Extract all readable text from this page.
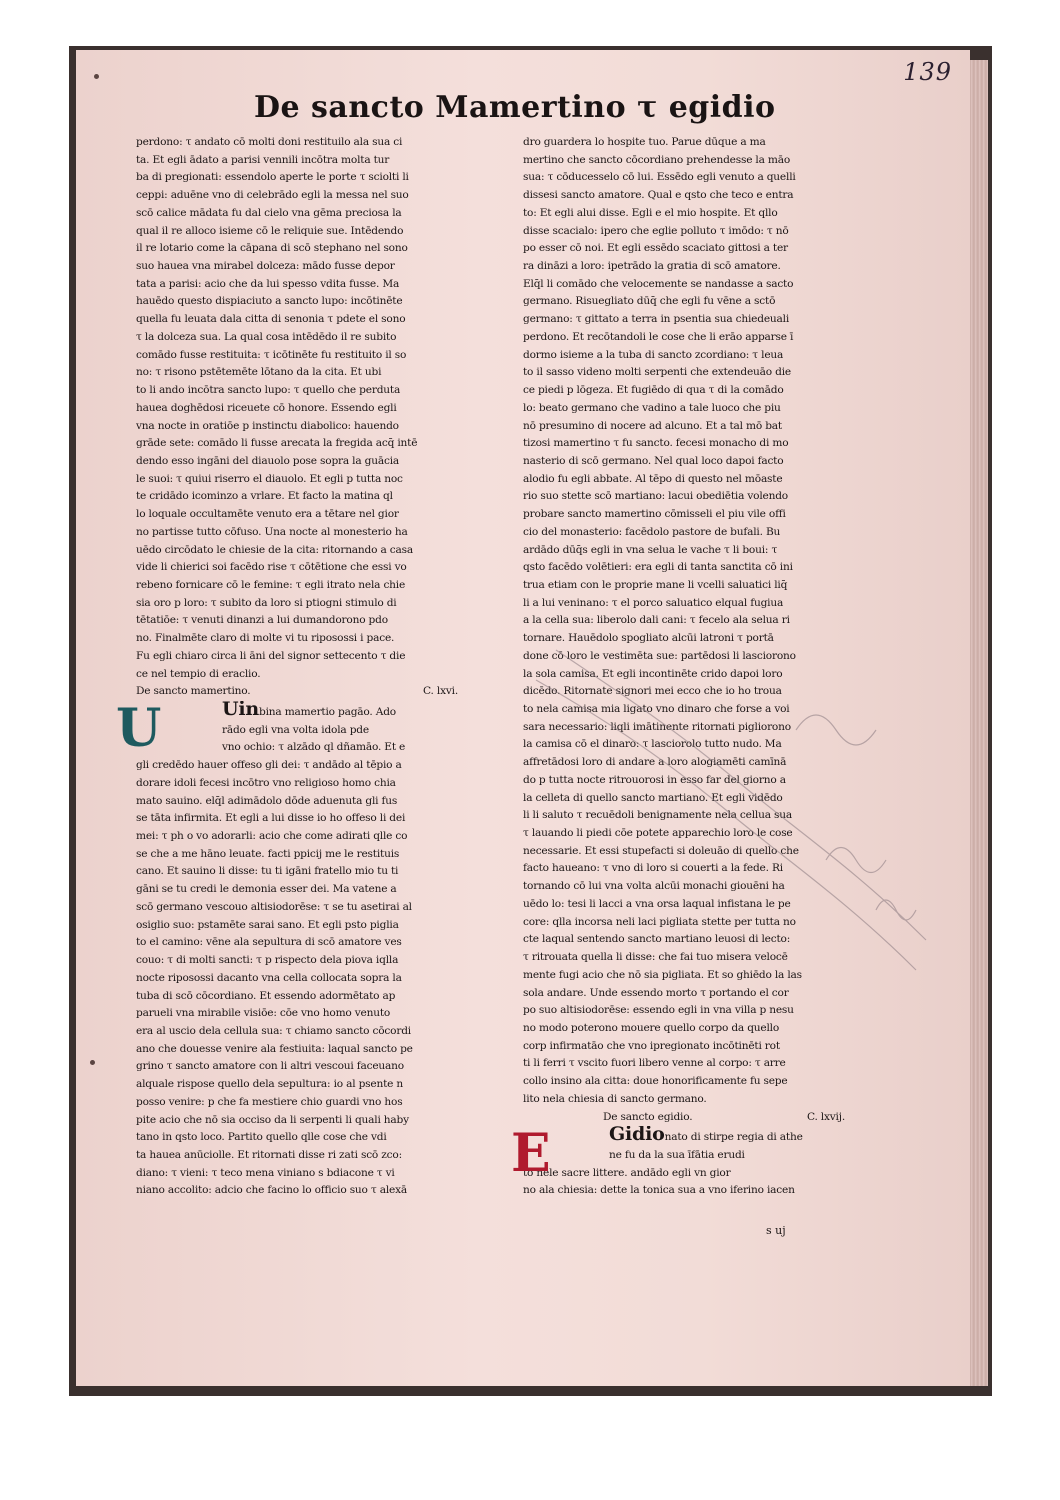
139
De sancto Mamertino τ egidio
perdono: τ andato cō molti doni restituilo ala sua ci
ta. Et egli ādato a parisi vennili incōtra molta tur
ba di pregionati: essendolo aperte le porte τ sciolti li
ceppi: aduēne vno di celebrādo egli la messa nel suo
scō calice mādata fu dal cielo vna gēma preciosa la
qual il re alloco isieme cō le reliquie sue. Intēdendo
il re lotario come la cāpana di scō stephano nel sono
suo hauea vna mirabel dolceza: mādo fusse depor
tata a parisi: acio che da lui spesso vdita fusse. Ma
hauēdo questo dispiaciuto a sancto lupo: incōtinēte
quella fu leuata dala citta di senonia τ pdete el sono
τ la dolceza sua. La qual cosa intēdēdo il re subito
comādo fusse restituita: τ icōtinēte fu restituito il so
no: τ risono pstētemēte lōtano da la cita. Et ubi
to li ando incōtra sancto lupo: τ quello che perduta
hauea doghēdosi riceuete cō honore. Essendo egli
vna nocte in oratiōe p instinctu diabolico: hauendo
grāde sete: comādo li fusse arecata la fregida acq̄ intē
dendo esso ingāni del diauolo pose sopra la guācia
le suoi: τ quiui riserro el diauolo. Et egli p tutta noc
te cridādo icominzo a vrlare. Et facto la matina ql
lo loquale occultamēte venuto era a tētare nel gior
no partisse tutto cōfuso. Una nocte al monesterio ha
uēdo circōdato le chiesie de la cita: ritornando a casa
vide li chierici soi facēdo rise τ cōtētione che essi vo
rebeno fornicare cō le femine: τ egli itrato nela chie
sia oro p loro: τ subito da loro si ptiogni stimulo di
tētatiōe: τ venuti dinanzi a lui dumandorono pdo
no. Finalmēte claro di molte vi tu riposossi i pace.
Fu egli chiaro circa li āni del signor settecento τ die
ce nel tempio di eraclio.
De sancto mamertino.	C. lxvi.
U	Uinbina mamertio pagāo. Ado
rādo egli vna volta idola pde
vno ochio: τ alzādo ql dñamāo. Et e
gli credēdo hauer offeso gli dei: τ andādo al tēpio a
dorare idoli fecesi incōtro vno religioso homo chia
mato sauino. elq̄l adimādolo dōde aduenuta gli fus
se tāta infirmita. Et egli a lui disse io ho offeso li dei
mei: τ ph o vo adorarli: acio che come adirati qlle co
se che a me hāno leuate. facti ppicij me le restituis
cano. Et sauino li disse: tu ti igāni fratello mio tu ti
gāni se tu credi le demonia esser dei. Ma vatene a
scō germano vescouo altisiodorēse: τ se tu asetirai al
osiglio suo: pstamēte sarai sano. Et egli psto piglia
to el camino: vēne ala sepultura di scō amatore ves
couo: τ di molti sancti: τ p rispecto dela piova iqlla
nocte riposossi dacanto vna cella collocata sopra la
tuba di scō cōcordiano. Et essendo adormētato ap
parueli vna mirabile visiōe: cōe vno homo venuto
era al uscio dela cellula sua: τ chiamo sancto cōcordi
ano che douesse venire ala festiuita: laqual sancto pe
grino τ sancto amatore con li altri vescoui faceuano
alquale rispose quello dela sepultura: io al psente n
posso venire: p che fa mestiere chio guardi vno hos
pite acio che nō sia occiso da li serpenti li quali haby
tano in qsto loco. Partito quello qlle cose che vdi
ta hauea anūciolle. Et ritornati disse ri zati scō zco:
diano: τ vieni: τ teco mena viniano s bdiacone τ vi
niano accolito: adcio che facino lo officio suo τ alexā
dro guardera lo hospite tuo. Parue dūque a ma
mertino che sancto cōcordiano prehendesse la māo
sua: τ cōducesselo cō lui. Essēdo egli venuto a quelli
dissesi sancto amatore. Qual e qsto che teco e entra
to: Et egli alui disse. Egli e el mio hospite. Et qllo
disse scacialo: ipero che eglie polluto τ imōdo: τ nō
po esser cō noi. Et egli essēdo scaciato gittosi a ter
ra dināzi a loro: ipetrādo la gratia di scō amatore.
Elq̄l li comādo che velocemente se nandasse a sacto
germano. Risuegliato dūq̄ che egli fu vēne a sctō
germano: τ gittato a terra in psentia sua chiedeuali
perdono. Et recōtandoli le cose che li erāo apparse ī
dormo isieme a la tuba di sancto zcordiano: τ leua
to il sasso videno molti serpenti che extendeuāo die
ce piedi p lōgeza. Et fugiēdo di qua τ di la comādo
lo: beato germano che vadino a tale luoco che piu
nō presumino di nocere ad alcuno. Et a tal mō bat
tizosi mamertino τ fu sancto. fecesi monacho di mo
nasterio di scō germano. Nel qual loco dapoi facto
alodio fu egli abbate. Al tēpo di questo nel mōaste
rio suo stette scō martiano: lacui obediētia volendo
probare sancto mamertino cōmisseli el piu vile offi
cio del monasterio: facēdolo pastore de bufali. Bu
ardādo dūq̄s egli in vna selua le vache τ li boui: τ
qsto facēdo volētieri: era egli di tanta sanctita cō ini
trua etiam con le proprie mane li vcelli saluatici liq̄
li a lui veninano: τ el porco saluatico elqual fugiua
a la cella sua: liberolo dali cani: τ fecelo ala selua ri
tornare. Hauēdolo spogliato alcūi latroni τ portā
done cō loro le vestimēta sue: partēdosi li lasciorono
la sola camisa. Et egli incontinēte crido dapoi loro
dicēdo. Ritornate signori mei ecco che io ho troua
to nela camisa mia ligato vno dinaro che forse a voi
sara necessario: liqli imātinente ritornati pigliorono
la camisa cō el dinaro: τ lasciorolo tutto nudo. Ma
affretādosi loro di andare a loro alogiamēti camīnā
do p tutta nocte ritrouorosi in esso far del giorno a
la celleta di quello sancto martiano. Et egli vidēdo
li li saluto τ recuēdoli benignamente nela cellua sua
τ lauando li piedi cōe potete apparechio loro le cose
necessarie. Et essi stupefacti si doleuāo di quello che
facto haueano: τ vno di loro si couerti a la fede. Ri
tornando cō lui vna volta alcūi monachi giouēni ha
uēdo lo: tesi li lacci a vna orsa laqual infistana le pe
core: qlla incorsa neli laci pigliata stette per tutta no
cte laqual sentendo sancto martiano leuosi di lecto:
τ ritrouata quella li disse: che fai tuo misera velocē
mente fugi acio che nō sia pigliata. Et so ghiēdo la las
sola andare. Unde essendo morto τ portando el cor
po suo altisiodorēse: essendo egli in vna villa p nesu
no modo poterono mouere quello corpo da quello
corp infirmatāo che vno ipregionato incōtinēti rot
ti li ferri τ vscito fuori libero venne al corpo: τ arre
collo insino ala citta: doue honorificamente fu sepe
lito nela chiesia di sancto germano.
De sancto egidio.	C. lxvij.
E	Gidionato di stirpe regia di athe
ne fu da la sua īfātia erudi
to nele sacre littere. andādo egli vn gior
no ala chiesia: dette la tonica sua a vno iferino iacen
s uj
